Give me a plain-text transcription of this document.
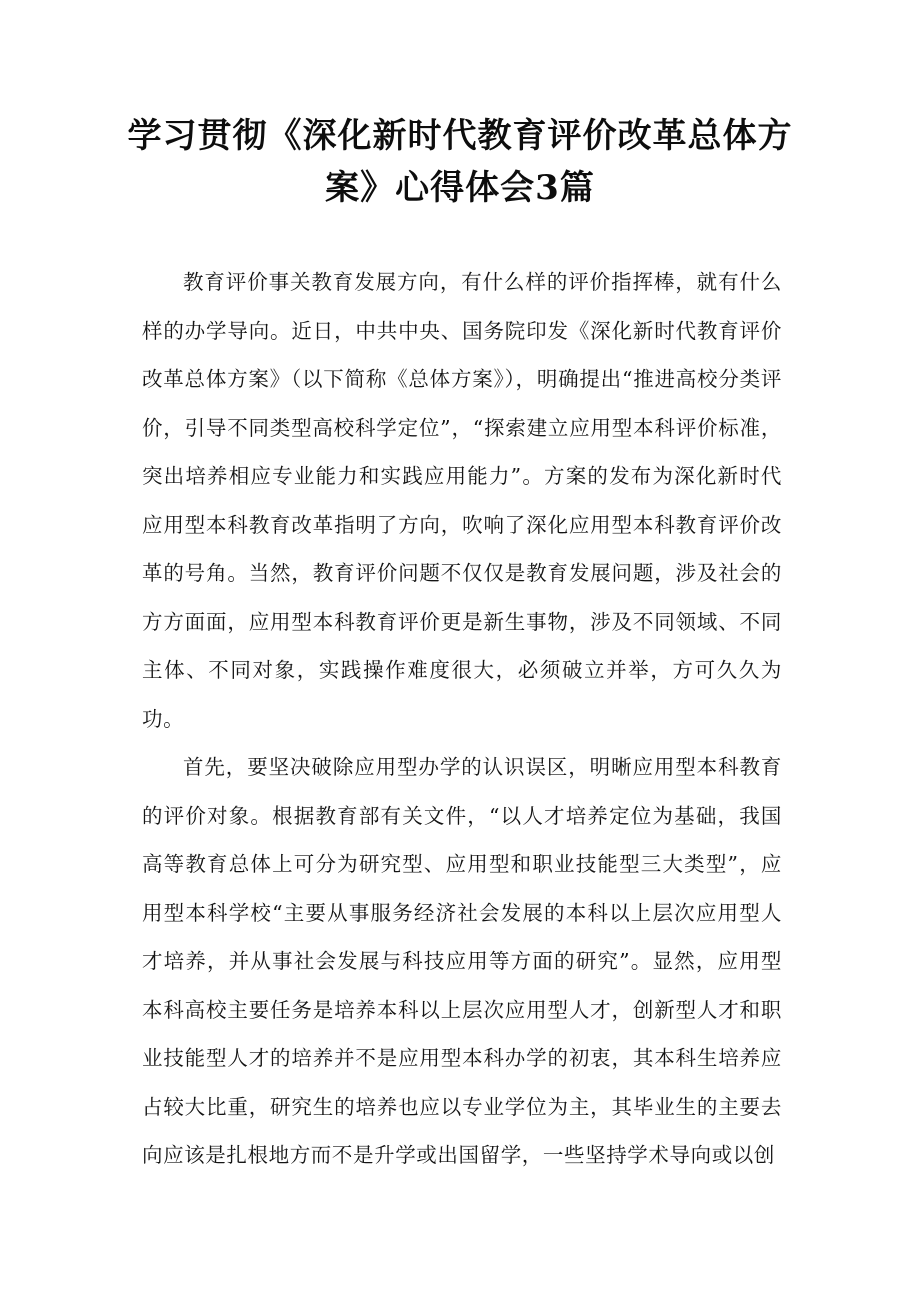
学习贯彻《深化新时代教育评价改革总体方案》心得体会3篇

教育评价事关教育发展方向，有什么样的评价指挥棒，就有什么样的办学导向。近日，中共中央、国务院印发《深化新时代教育评价改革总体方案》（以下简称《总体方案》），明确提出“推进高校分类评价，引导不同类型高校科学定位”，“探索建立应用型本科评价标准，突出培养相应专业能力和实践应用能力”。方案的发布为深化新时代应用型本科教育改革指明了方向，吹响了深化应用型本科教育评价改革的号角。当然，教育评价问题不仅仅是教育发展问题，涉及社会的方方面面，应用型本科教育评价更是新生事物，涉及不同领域、不同主体、不同对象，实践操作难度很大，必须破立并举，方可久久为功。

首先，要坚决破除应用型办学的认识误区，明晰应用型本科教育的评价对象。根据教育部有关文件，“以人才培养定位为基础，我国高等教育总体上可分为研究型、应用型和职业技能型三大类型”，应用型本科学校“主要从事服务经济社会发展的本科以上层次应用型人才培养，并从事社会发展与科技应用等方面的研究”。显然，应用型本科高校主要任务是培养本科以上层次应用型人才，创新型人才和职业技能型人才的培养并不是应用型本科办学的初衷，其本科生培养应占较大比重，研究生的培养也应以专业学位为主，其毕业生的主要去向应该是扎根地方而不是升学或出国留学，一些坚持学术导向或以创
